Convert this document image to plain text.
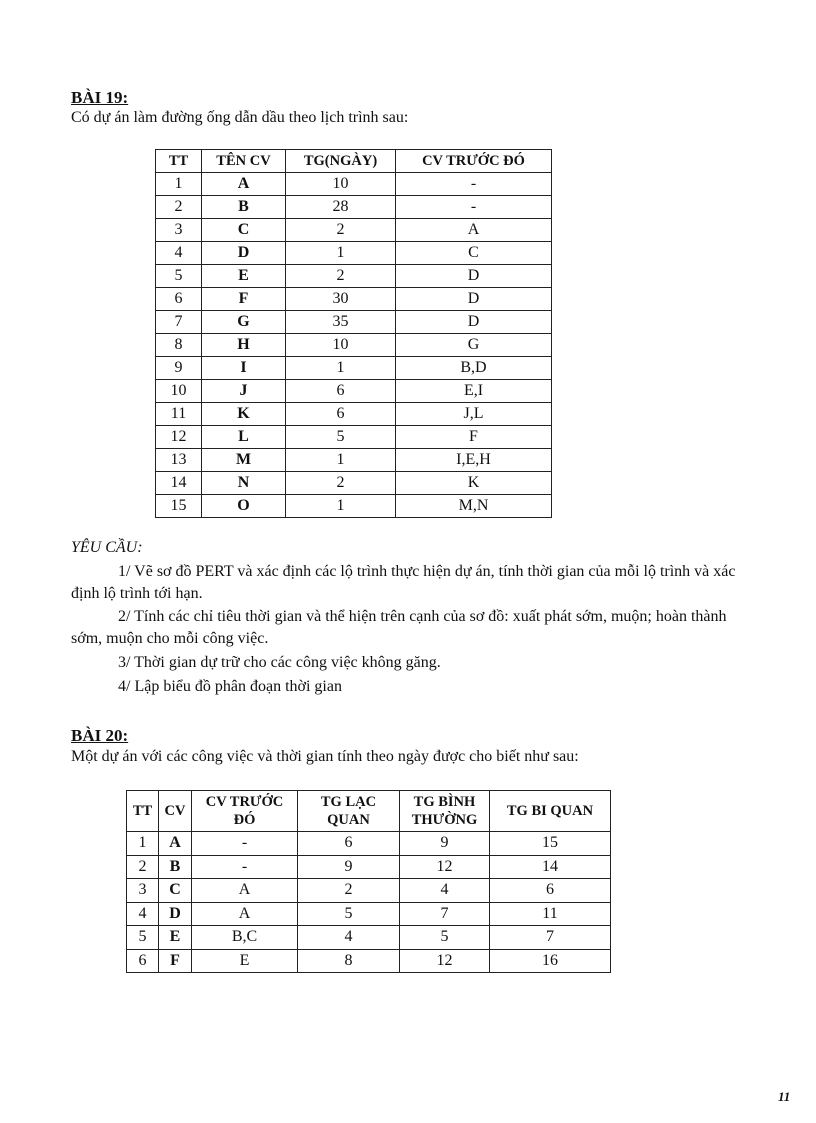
BÀI 19:
Có dự án làm đường ống dẫn dầu theo lịch trình sau:
TT	TÊN CV	TG(NGÀY)	CV TRƯỚC ĐÓ
1	A	10	-
2	B	28	-
3	C	2	A
4	D	1	C
5	E	2	D
6	F	30	D
7	G	35	D
8	H	10	G
9	I	1	B,D
10	J	6	E,I
11	K	6	J,L
12	L	5	F
13	M	1	I,E,H
14	N	2	K
15	O	1	M,N
YÊU CẦU:
1/ Vẽ sơ đồ PERT và xác định các lộ trình thực hiện dự án, tính thời gian của mỗi lộ trình và xác định lộ trình tới hạn.
2/ Tính các chỉ tiêu thời gian và thể hiện trên cạnh của sơ đồ: xuất phát sớm, muộn; hoàn thành sớm, muộn cho mỗi công việc.
3/ Thời gian dự trữ cho các công việc không găng.
4/ Lập biểu đồ phân đoạn thời gian
BÀI 20:
Một dự án với các công việc và thời gian tính theo ngày được cho biết như sau:
TT	CV	CV TRƯỚC ĐÓ	TG LẠC QUAN	TG BÌNH THƯỜNG	TG BI QUAN
1	A	-	6	9	15
2	B	-	9	12	14
3	C	A	2	4	6
4	D	A	5	7	11
5	E	B,C	4	5	7
6	F	E	8	12	16
11
